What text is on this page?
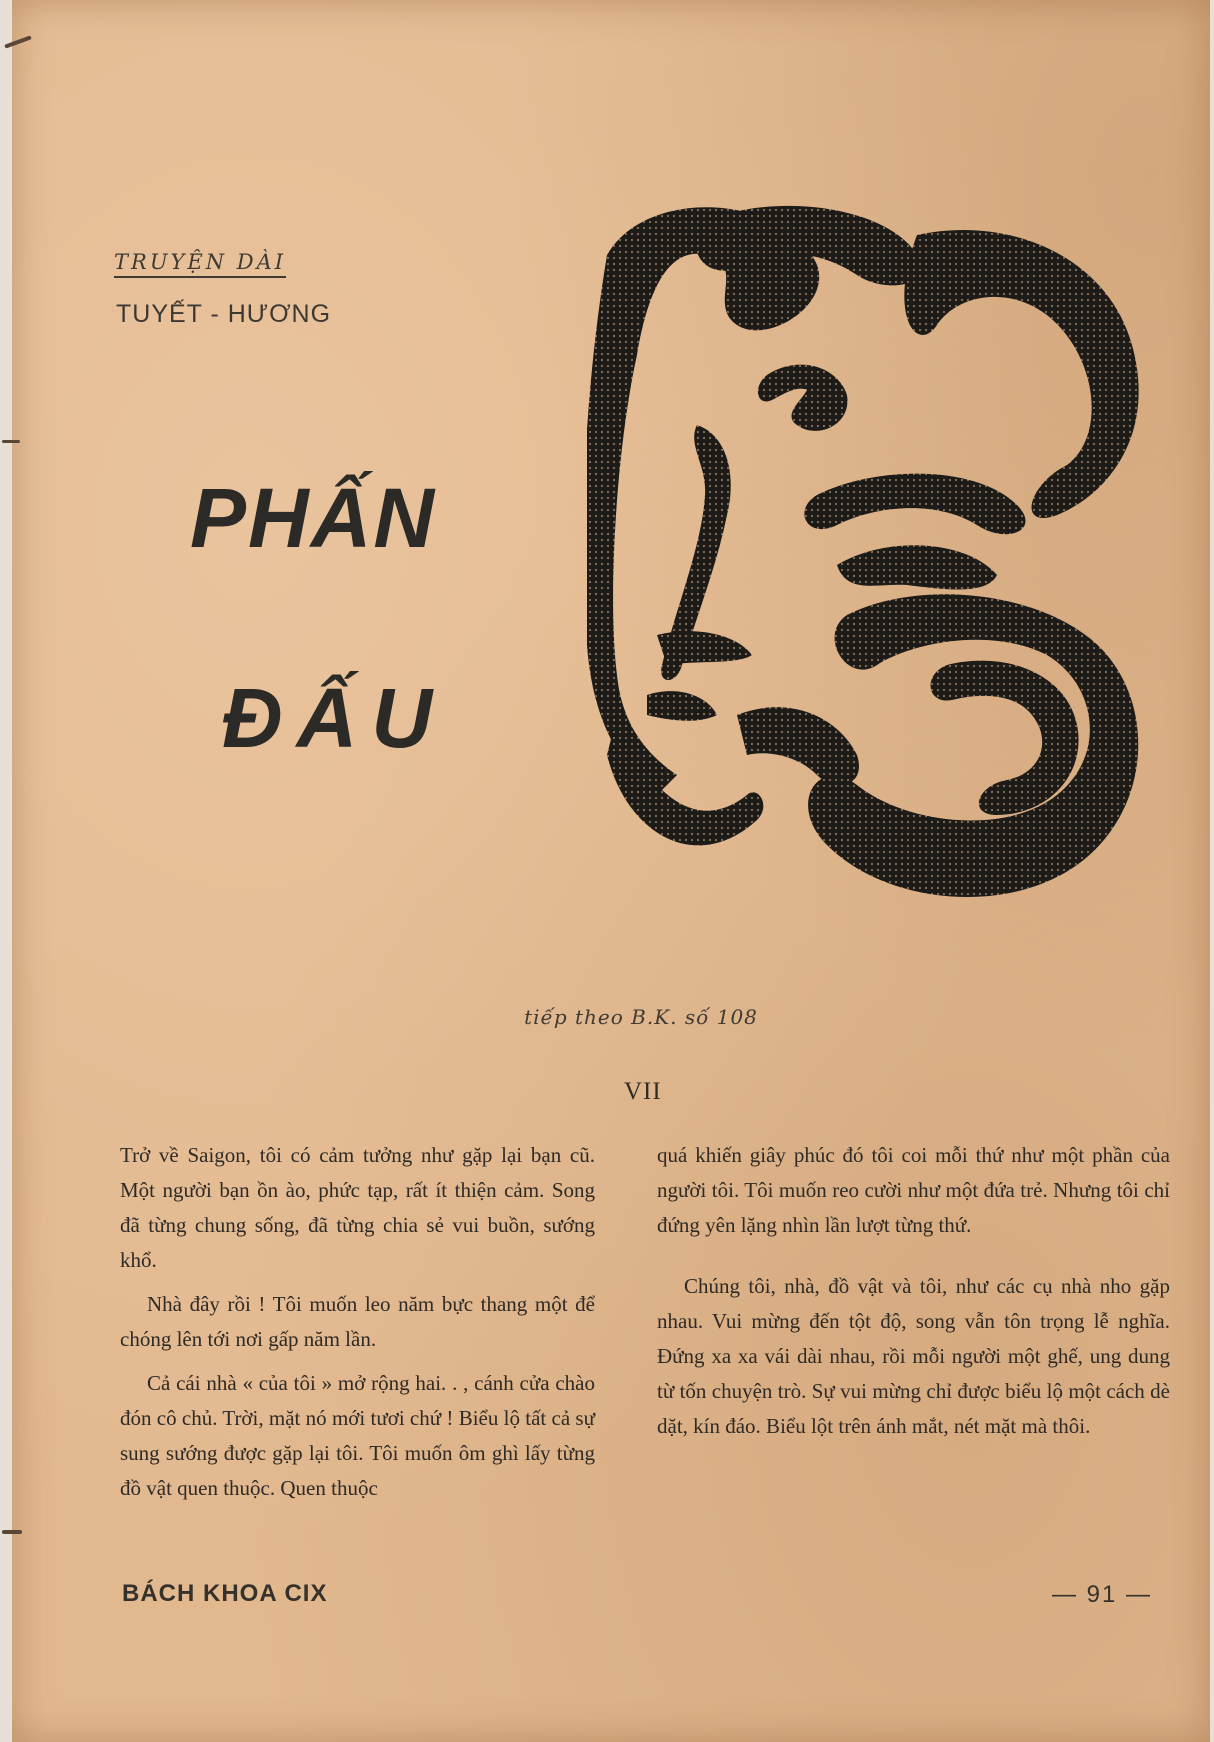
TRUYỆN DÀI
TUYẾT - HƯƠNG
PHẤN
ĐẤU
tiếp theo B.K. số 108
VII

Trở về Saigon, tôi có cảm tưởng như gặp lại bạn cũ. Một người bạn ồn ào, phức tạp, rất ít thiện cảm. Song đã từng chung sống, đã từng chia sẻ vui buồn, sướng khổ.

Nhà đây rồi ! Tôi muốn leo năm bực thang một để chóng lên tới nơi gấp năm lần.

Cả cái nhà « của tôi » mở rộng hai. . , cánh cửa chào đón cô chủ. Trời, mặt nó mới tươi chứ ! Biểu lộ tất cả sự sung sướng được gặp lại tôi. Tôi muốn ôm ghì lấy từng đồ vật quen thuộc. Quen thuộc

quá khiến giây phúc đó tôi coi mỗi thứ như một phần của người tôi. Tôi muốn reo cười như một đứa trẻ. Nhưng tôi chỉ đứng yên lặng nhìn lần lượt từng thứ.

Chúng tôi, nhà, đồ vật và tôi, như các cụ nhà nho gặp nhau. Vui mừng đến tột độ, song vẫn tôn trọng lễ nghĩa. Đứng xa xa vái dài nhau, rồi mỗi người một ghế, ung dung từ tốn chuyện trò. Sự vui mừng chỉ được biểu lộ một cách dè dặt, kín đáo. Biểu lột trên ánh mắt, nét mặt mà thôi.

BÁCH KHOA CIX	— 91 —
